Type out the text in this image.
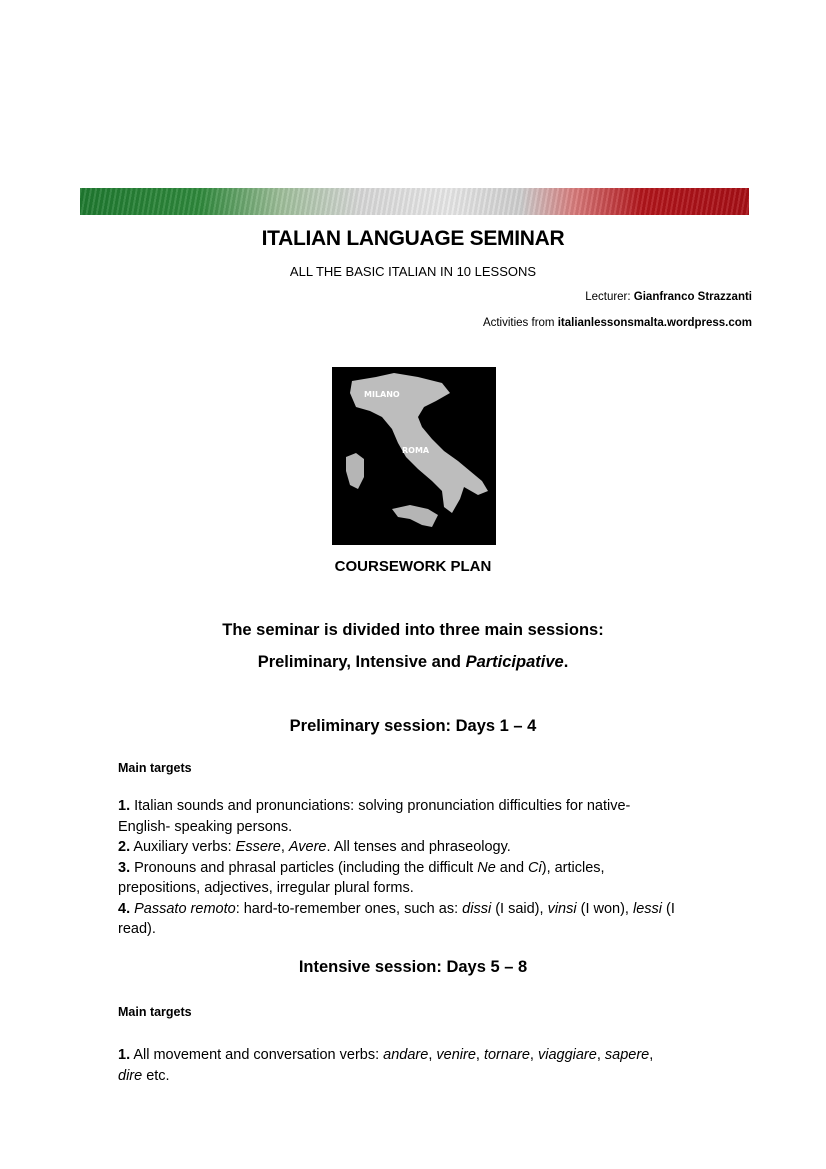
ITALIAN LANGUAGE SEMINAR
ALL THE BASIC ITALIAN IN 10 LESSONS
Lecturer: Gianfranco Strazzanti
Activities from italianlessonsmalta.wordpress.com
MILANO
ROMA
COURSEWORK PLAN
The seminar is divided into three main sessions:
Preliminary, Intensive and Participative.
Preliminary session: Days 1 – 4
Main targets

1. Italian sounds and pronunciations: solving pronunciation difficulties for native-

English- speaking persons.

2. Auxiliary verbs: Essere, Avere. All tenses and phraseology.

3. Pronouns and phrasal particles (including the difficult Ne and Ci), articles,

prepositions, adjectives, irregular plural forms.

4. Passato remoto: hard-to-remember ones, such as: dissi (I said), vinsi (I won), lessi (I

read).

Intensive session: Days 5 – 8
Main targets

1. All movement and conversation verbs: andare, venire, tornare, viaggiare, sapere,

dire etc.
